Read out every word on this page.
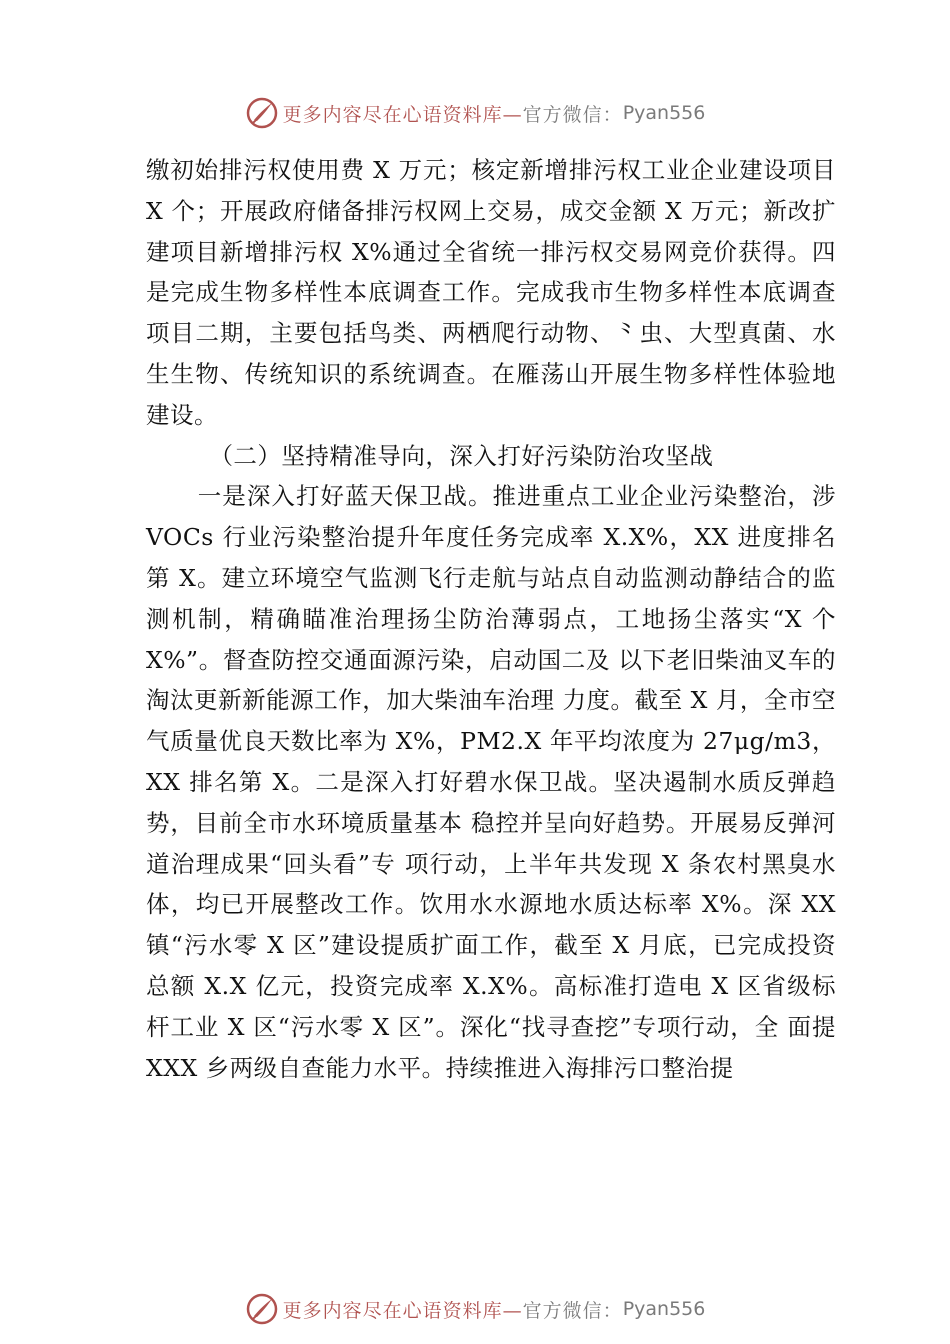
更多内容尽在心语资料库— 官方微信： Pyan556

缴初始排污权使用费 X 万元；核定新增排污权工业企业建设项目 X 个；开展政府储备排污权网上交易，成交金额 X 万元；新改扩建项目新增排污权 X%通过全省统一排污权交易网竞价获得。四是完成生物多样性本底调查工作。完成我市生物多样性本底调查项目二期，主要包括鸟类、两栖爬行动物、⺀虫、大型真菌、水生生物、传统知识的系统调查。在雁荡山开展生物多样性体验地建设。

（二）坚持精准导向，深入打好污染防治攻坚战

一是深入打好蓝天保卫战。推进重点工业企业污染整治，涉 VOCs 行业污染整治提升年度任务完成率 X.X%，XX 进度排名第 X。建立环境空气监测飞行走航与站点自动监测动静结合的监测机制，精确瞄准治理扬尘防治薄弱点，工地扬尘落实“X 个 X%”。督查防控交通面源污染，启动国二及 以下老旧柴油叉车的淘汰更新新能源工作，加大柴油车治理 力度。截至 X 月，全市空气质量优良天数比率为 X%，PM2.X 年平均浓度为 27μg/m3，XX 排名第 X。二是深入打好碧水保卫战。坚决遏制水质反弹趋势，目前全市水环境质量基本 稳控并呈向好趋势。开展易反弹河道治理成果“回头看”专 项行动，上半年共发现 X 条农村黑臭水体，均已开展整改工作。饮用水水源地水质达标率 X%。深 XX 镇“污水零 X 区”建设提质扩面工作，截至 X 月底，已完成投资总额 X.X 亿元，投资完成率 X.X%。高标准打造电 X 区省级标杆工业 X 区“污水零 X 区”。深化“找寻查挖”专项行动，全 面提 XXX 乡两级自查能力水平。持续推进入海排污口整治提

更多内容尽在心语资料库— 官方微信： Pyan556
